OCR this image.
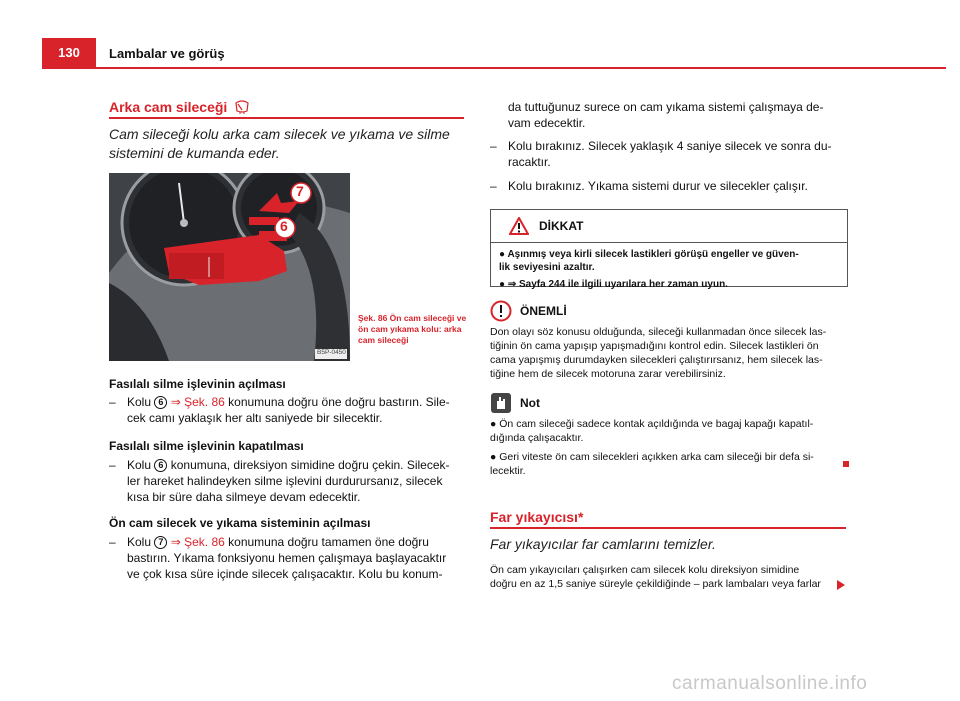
130	Lambalar ve görüş
Arka cam sileceği
Cam sileceği kolu arka cam silecek ve yıkama ve silme sistemini de kumanda eder.
7
6
B5P-0450
Şek. 86 Ön cam sileceği ve ön cam yıkama kolu: arka cam sileceği
Fasılalı silme işlevinin açılması
– Kolu 6 ⇒ Şek. 86 konumuna doğru öne doğru bastırın. Sile-
cek camı yaklaşık her altı saniyede bir silecektir.
Fasılalı silme işlevinin kapatılması
– Kolu 6 konumuna, direksiyon simidine doğru çekin. Silecek-
ler hareket halindeyken silme işlevini durdurursanız, silecek
kısa bir süre daha silmeye devam edecektir.
Ön cam silecek ve yıkama sisteminin açılması
– Kolu 7 ⇒ Şek. 86 konumuna doğru tamamen öne doğru
bastırın. Yıkama fonksiyonu hemen çalışmaya başlayacaktır
ve çok kısa süre içinde silecek çalışacaktır. Kolu bu konum-
da tuttuğunuz surece on cam yıkama sistemi çalışmaya de-
vam edecektir.
– Kolu bırakınız. Silecek yaklaşık 4 saniye silecek ve sonra du-
racaktır.
– Kolu bırakınız. Yıkama sistemi durur ve silecekler çalışır.
DİKKAT
● Aşınmış veya kirli silecek lastikleri görüşü engeller ve güven-
lik seviyesini azaltır.
● ⇒ Sayfa 244 ile ilgili uyarılara her zaman uyun.
ÖNEMLİ
Don olayı söz konusu olduğunda, sileceği kullanmadan önce silecek las-
tiğinin ön cama yapışıp yapışmadığını kontrol edin. Silecek lastikleri ön
cama yapışmış durumdayken silecekleri çalıştırırsanız, hem silecek las-
tiğine hem de silecek motoruna zarar verebilirsiniz.
Not
● Ön cam sileceği sadece kontak açıldığında ve bagaj kapağı kapatıl-
dığında çalışacaktır.
● Geri viteste ön cam silecekleri açıkken arka cam sileceği bir defa si-
lecektir.
Far yıkayıcısı*
Far yıkayıcılar far camlarını temizler.
Ön cam yıkayıcıları çalışırken cam silecek kolu direksiyon simidine
doğru en az 1,5 saniye süreyle çekildiğinde – park lambaları veya farlar
carmanualsonline.info
